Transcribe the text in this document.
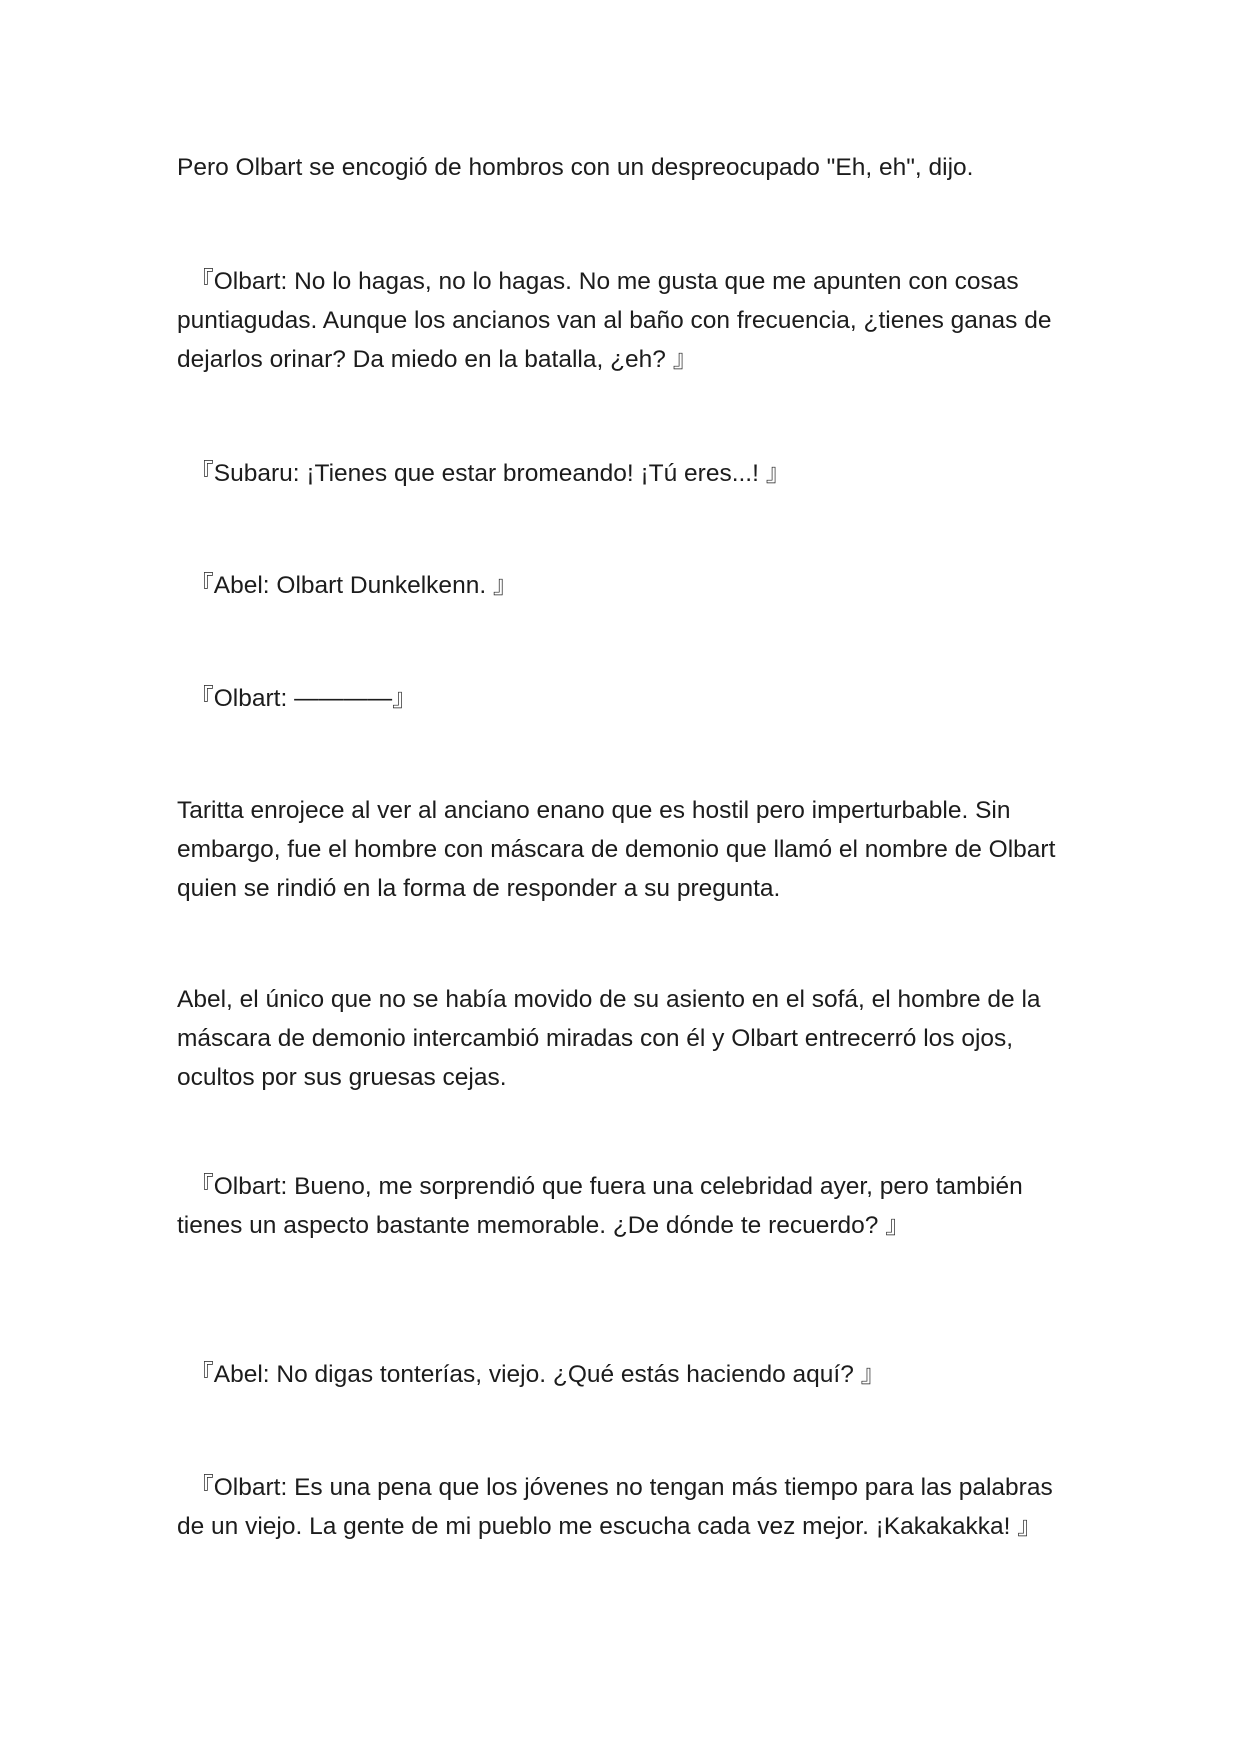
Pero Olbart se encogió de hombros con un despreocupado "Eh, eh", dijo.

　『Olbart: No lo hagas, no lo hagas. No me gusta que me apunten con cosas puntiagudas. Aunque los ancianos van al baño con frecuencia, ¿tienes ganas de dejarlos orinar? Da miedo en la batalla, ¿eh? 』

　『Subaru: ¡Tienes que estar bromeando! ¡Tú eres...! 』

　『Abel: Olbart Dunkelkenn. 』

　『Olbart: ————』

Taritta enrojece al ver al anciano enano que es hostil pero imperturbable. Sin embargo, fue el hombre con máscara de demonio que llamó el nombre de Olbart quien se rindió en la forma de responder a su pregunta.

Abel, el único que no se había movido de su asiento en el sofá, el hombre de la máscara de demonio intercambió miradas con él y Olbart entrecerró los ojos, ocultos por sus gruesas cejas.

　『Olbart: Bueno, me sorprendió que fuera una celebridad ayer, pero también tienes un aspecto bastante memorable. ¿De dónde te recuerdo? 』

　『Abel: No digas tonterías, viejo. ¿Qué estás haciendo aquí? 』

　『Olbart: Es una pena que los jóvenes no tengan más tiempo para las palabras de un viejo. La gente de mi pueblo me escucha cada vez mejor. ¡Kakakakka! 』
